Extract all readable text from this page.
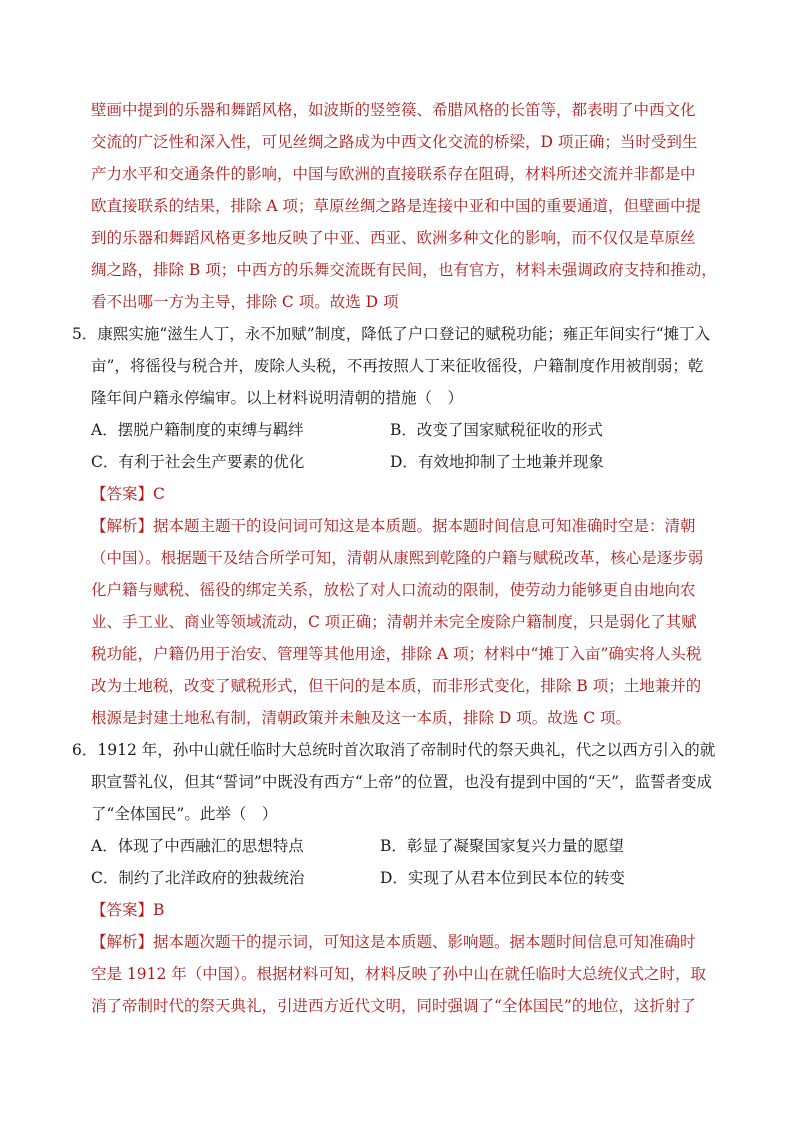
壁画中提到的乐器和舞蹈风格，如波斯的竖箜篌、希腊风格的长笛等，都表明了中西文化
交流的广泛性和深入性，可见丝绸之路成为中西文化交流的桥梁，D 项正确；当时受到生
产力水平和交通条件的影响，中国与欧洲的直接联系存在阻碍，材料所述交流并非都是中
欧直接联系的结果，排除 A 项；草原丝绸之路是连接中亚和中国的重要通道，但壁画中提
到的乐器和舞蹈风格更多地反映了中亚、西亚、欧洲多种文化的影响，而不仅仅是草原丝
绸之路，排除 B 项；中西方的乐舞交流既有民间，也有官方，材料未强调政府支持和推动，
看不出哪一方为主导，排除 C 项。故选 D 项
5．康熙实施“滋生人丁，永不加赋”制度，降低了户口登记的赋税功能；雍正年间实行“摊丁入
亩”，将徭役与税合并，废除人头税，不再按照人丁来征收徭役，户籍制度作用被削弱；乾
隆年间户籍永停编审。以上材料说明清朝的措施（　）
A．摆脱户籍制度的束缚与羁绊	B．改变了国家赋税征收的形式
C．有利于社会生产要素的优化	D．有效地抑制了土地兼并现象
【答案】C
【解析】据本题主题干的设问词可知这是本质题。据本题时间信息可知准确时空是：清朝
（中国）。根据题干及结合所学可知，清朝从康熙到乾隆的户籍与赋税改革，核心是逐步弱
化户籍与赋税、徭役的绑定关系，放松了对人口流动的限制，使劳动力能够更自由地向农
业、手工业、商业等领域流动，C 项正确；清朝并未完全废除户籍制度，只是弱化了其赋
税功能，户籍仍用于治安、管理等其他用途，排除 A 项；材料中“摊丁入亩”确实将人头税
改为土地税，改变了赋税形式，但干问的是本质，而非形式变化，排除 B 项；土地兼并的
根源是封建土地私有制，清朝政策并未触及这一本质，排除 D 项。故选 C 项。
6．1912 年，孙中山就任临时大总统时首次取消了帝制时代的祭天典礼，代之以西方引入的就
职宣誓礼仪，但其“誓词”中既没有西方“上帝”的位置，也没有提到中国的“天”，监誓者变成
了“全体国民”。此举（　）
A．体现了中西融汇的思想特点	B．彰显了凝聚国家复兴力量的愿望
C．制约了北洋政府的独裁统治	D．实现了从君本位到民本位的转变
【答案】B
【解析】据本题次题干的提示词，可知这是本质题、影响题。据本题时间信息可知准确时
空是 1912 年（中国）。根据材料可知，材料反映了孙中山在就任临时大总统仪式之时，取
消了帝制时代的祭天典礼，引进西方近代文明，同时强调了“全体国民”的地位，这折射了
